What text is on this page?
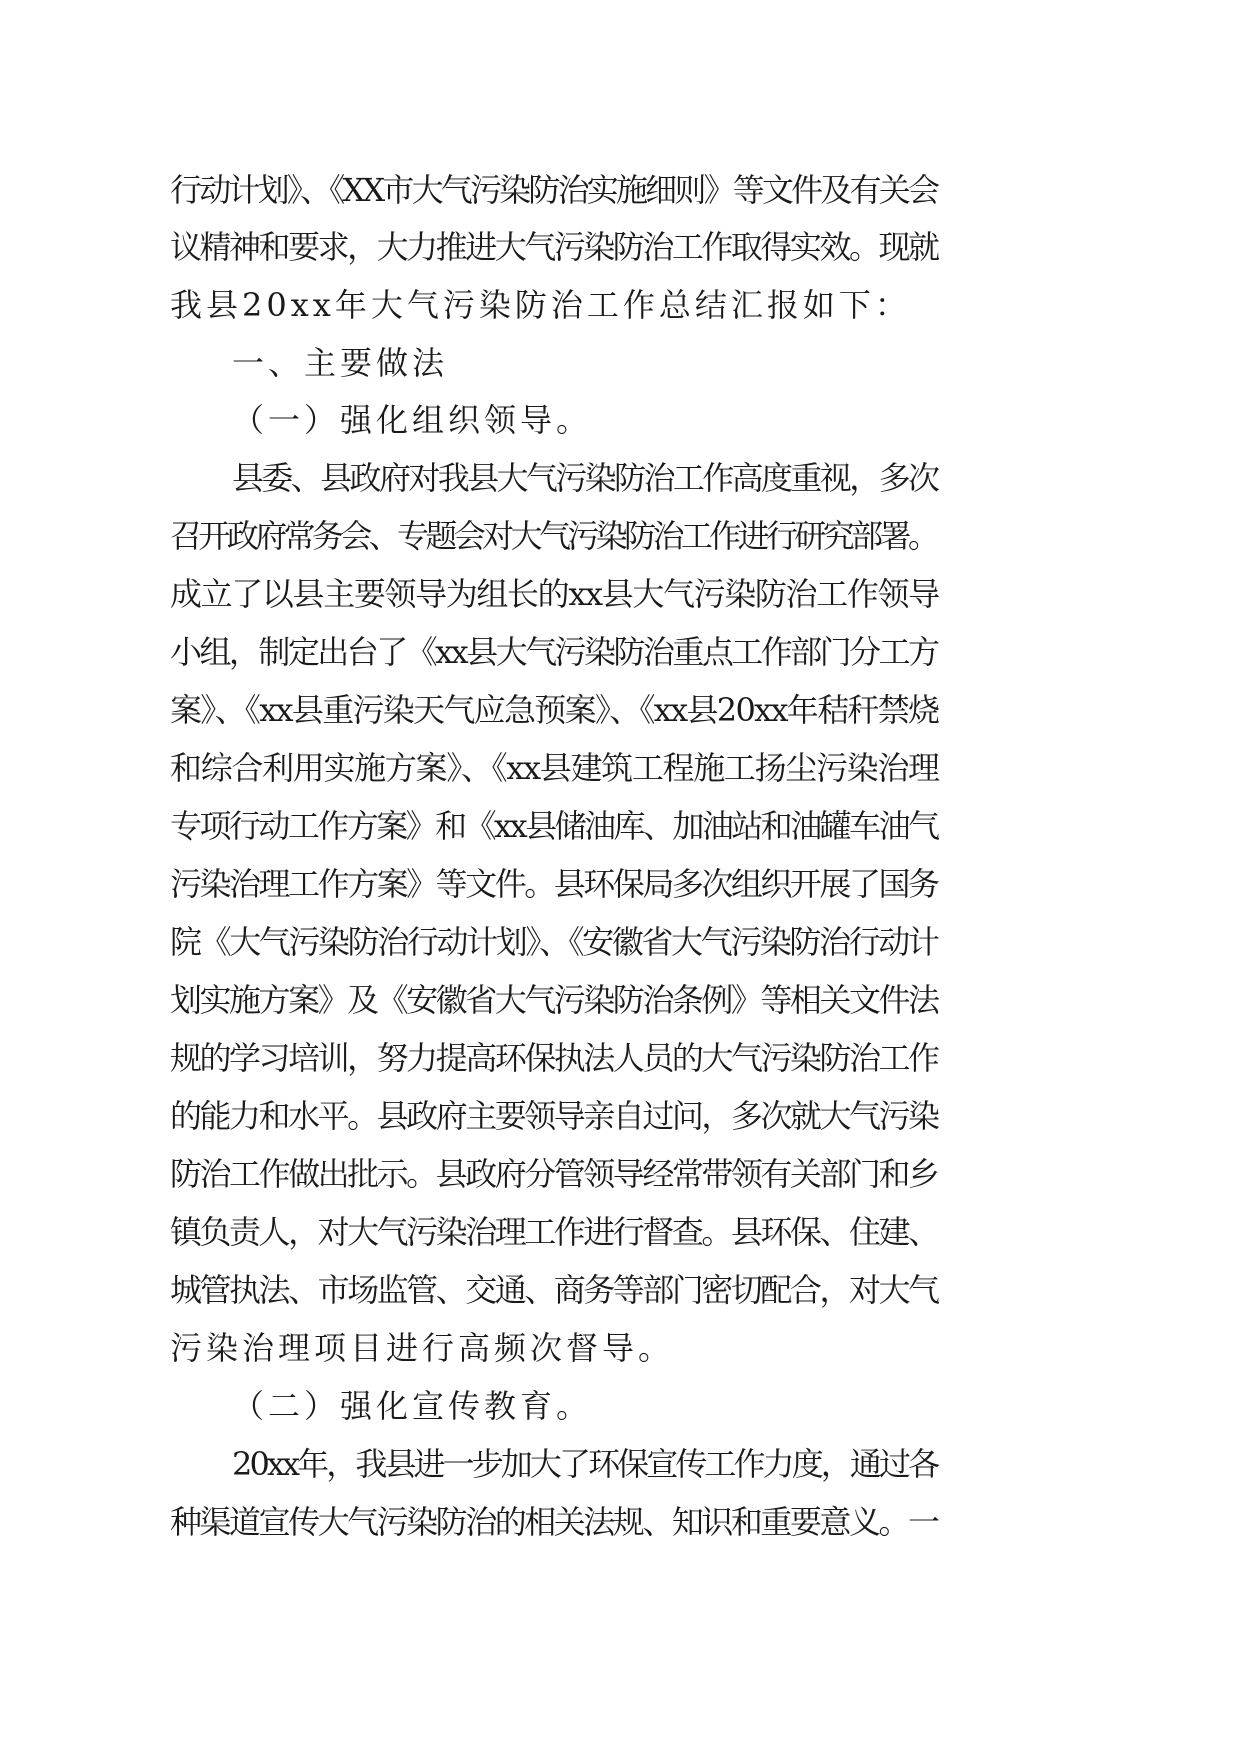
行动计划》、《XX市大气污染防治实施细则》等文件及有关会
议精神和要求，大力推进大气污染防治工作取得实效。现就
我县20xx年大气污染防治工作总结汇报如下：
一、主要做法
（一）强化组织领导。
县委、县政府对我县大气污染防治工作高度重视，多次
召开政府常务会、专题会对大气污染防治工作进行研究部署。
成立了以县主要领导为组长的xx县大气污染防治工作领导
小组，制定出台了《xx县大气污染防治重点工作部门分工方
案》、《xx县重污染天气应急预案》、《xx县20xx年秸秆禁烧
和综合利用实施方案》、《xx县建筑工程施工扬尘污染治理
专项行动工作方案》和《xx县储油库、加油站和油罐车油气
污染治理工作方案》等文件。县环保局多次组织开展了国务
院《大气污染防治行动计划》、《安徽省大气污染防治行动计
划实施方案》及《安徽省大气污染防治条例》等相关文件法
规的学习培训，努力提高环保执法人员的大气污染防治工作
的能力和水平。县政府主要领导亲自过问，多次就大气污染
防治工作做出批示。县政府分管领导经常带领有关部门和乡
镇负责人，对大气污染治理工作进行督查。县环保、住建、
城管执法、市场监管、交通、商务等部门密切配合，对大气
污染治理项目进行高频次督导。
（二）强化宣传教育。
20xx年，我县进一步加大了环保宣传工作力度，通过各
种渠道宣传大气污染防治的相关法规、知识和重要意义。一
